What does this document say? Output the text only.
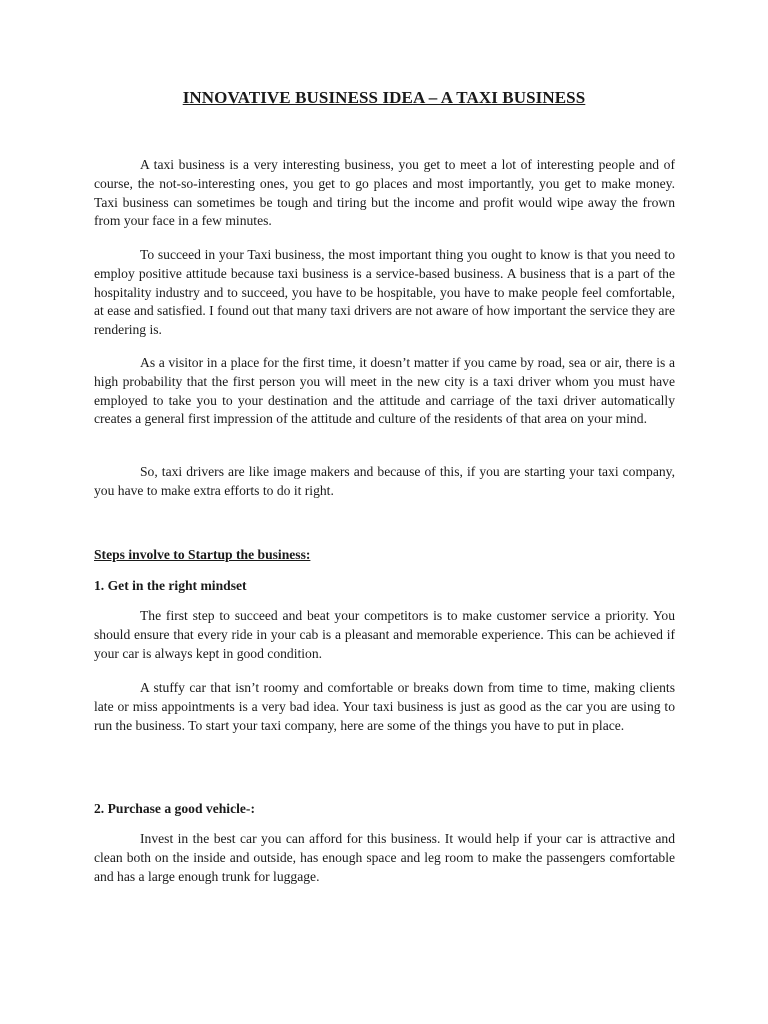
INNOVATIVE BUSINESS IDEA – A TAXI BUSINESS

A taxi business is a very interesting business, you get to meet a lot of interesting people and of course, the not-so-interesting ones, you get to go places and most importantly, you get to make money. Taxi business can sometimes be tough and tiring but the income and profit would wipe away the frown from your face in a few minutes.

To succeed in your Taxi business, the most important thing you ought to know is that you need to employ positive attitude because taxi business is a service-based business. A business that is a part of the hospitality industry and to succeed, you have to be hospitable, you have to make people feel comfortable, at ease and satisfied. I found out that many taxi drivers are not aware of how important the service they are rendering is.

As a visitor in a place for the first time, it doesn’t matter if you came by road, sea or air, there is a high probability that the first person you will meet in the new city is a taxi driver whom you must have employed to take you to your destination and the attitude and carriage of the taxi driver automatically creates a general first impression of the attitude and culture of the residents of that area on your mind.

So, taxi drivers are like image makers and because of this, if you are starting your taxi company, you have to make extra efforts to do it right.

Steps involve to Startup the business:

1. Get in the right mindset

The first step to succeed and beat your competitors is to make customer service a priority. You should ensure that every ride in your cab is a pleasant and memorable experience. This can be achieved if your car is always kept in good condition.

A stuffy car that isn’t roomy and comfortable or breaks down from time to time, making clients late or miss appointments is a very bad idea. Your taxi business is just as good as the car you are using to run the business. To start your taxi company, here are some of the things you have to put in place.

2. Purchase a good vehicle-:

Invest in the best car you can afford for this business. It would help if your car is attractive and clean both on the inside and outside, has enough space and leg room to make the passengers comfortable and has a large enough trunk for luggage.
